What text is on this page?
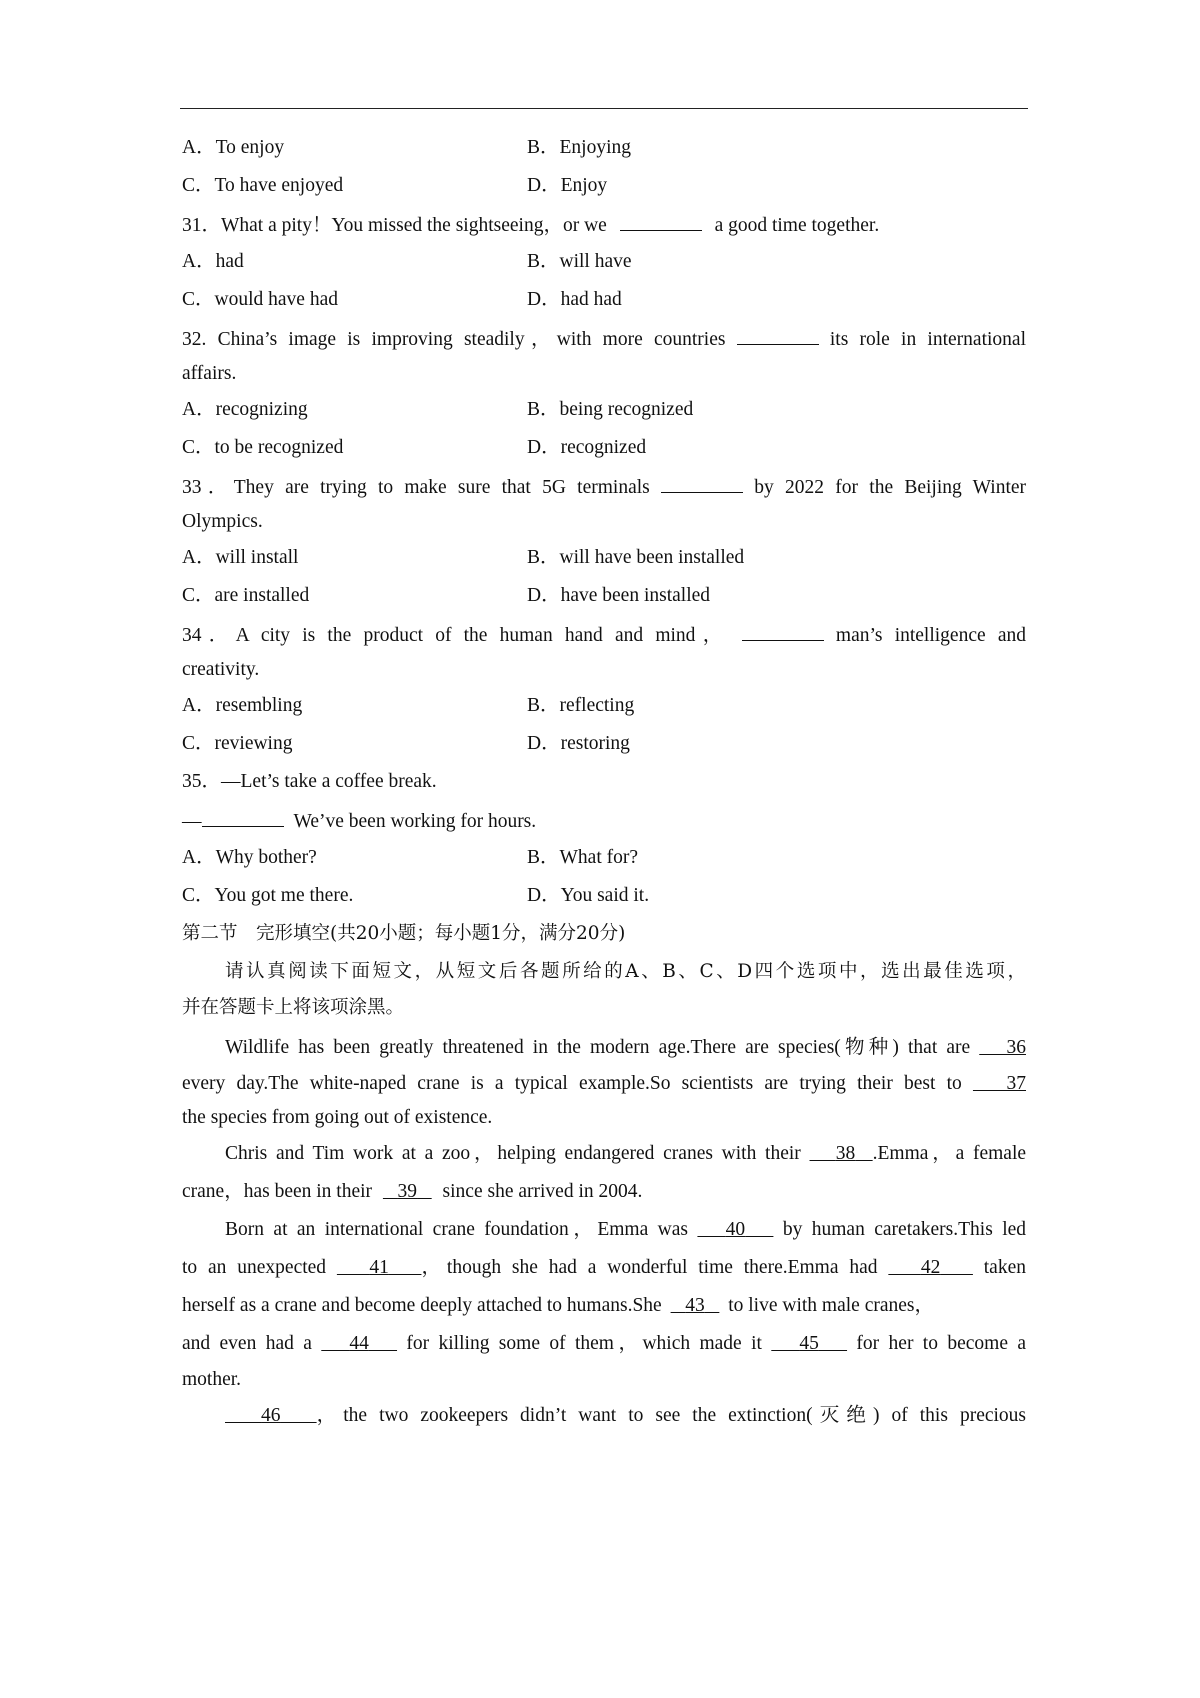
A．To enjoy	B．Enjoying
C．To have enjoyed	D．Enjoy
31．What a pity！You missed the sightseeing，or we	a good time together.
A．had	B．will have
C．would have had	D．had had
32. China’s image is improving steadily，with more countries	its role in international
affairs.
A．recognizing	B．being recognized
C．to be recognized	D．recognized
33．They are trying to make sure that 5G terminals	by 2022 for the Beijing Winter
Olympics.
A．will install	B．will have been installed
C．are installed	D．have been installed
34．A city is the product of the human hand and mind，	man’s intelligence and
creativity.
A．resembling	B．reflecting
C．reviewing	D．restoring
35．—Let’s take a coffee break.
—	We’ve been working for hours.
A．Why bother?	B．What for?
C．You got me there.	D．You said it.
第二节　完形填空(共20小题；每小题1分，满分20分)
请认真阅读下面短文，从短文后各题所给的A、B、C、D四个选项中，选出最佳选项，
并在答题卡上将该项涂黑。
Wildlife has been greatly threatened in the modern age.There are species(物种) that are 36
every day.The white-naped crane is a typical example.So scientists are trying their best to 37
the species from going out of existence.
Chris and Tim work at a zoo，helping endangered cranes with their 38 .Emma，a female
crane，has been in their 39 since she arrived in 2004.
Born at an international crane foundation，Emma was 40 by human caretakers.This led
to an unexpected 41 ，though she had a wonderful time there.Emma had 42 taken
herself as a crane and become deeply attached to humans.She 43 to live with male cranes，
and even had a 44 for killing some of them，which made it 45 for her to become a
mother.
46 ，the two zookeepers didn’t want to see the extinction(灭绝) of this precious
